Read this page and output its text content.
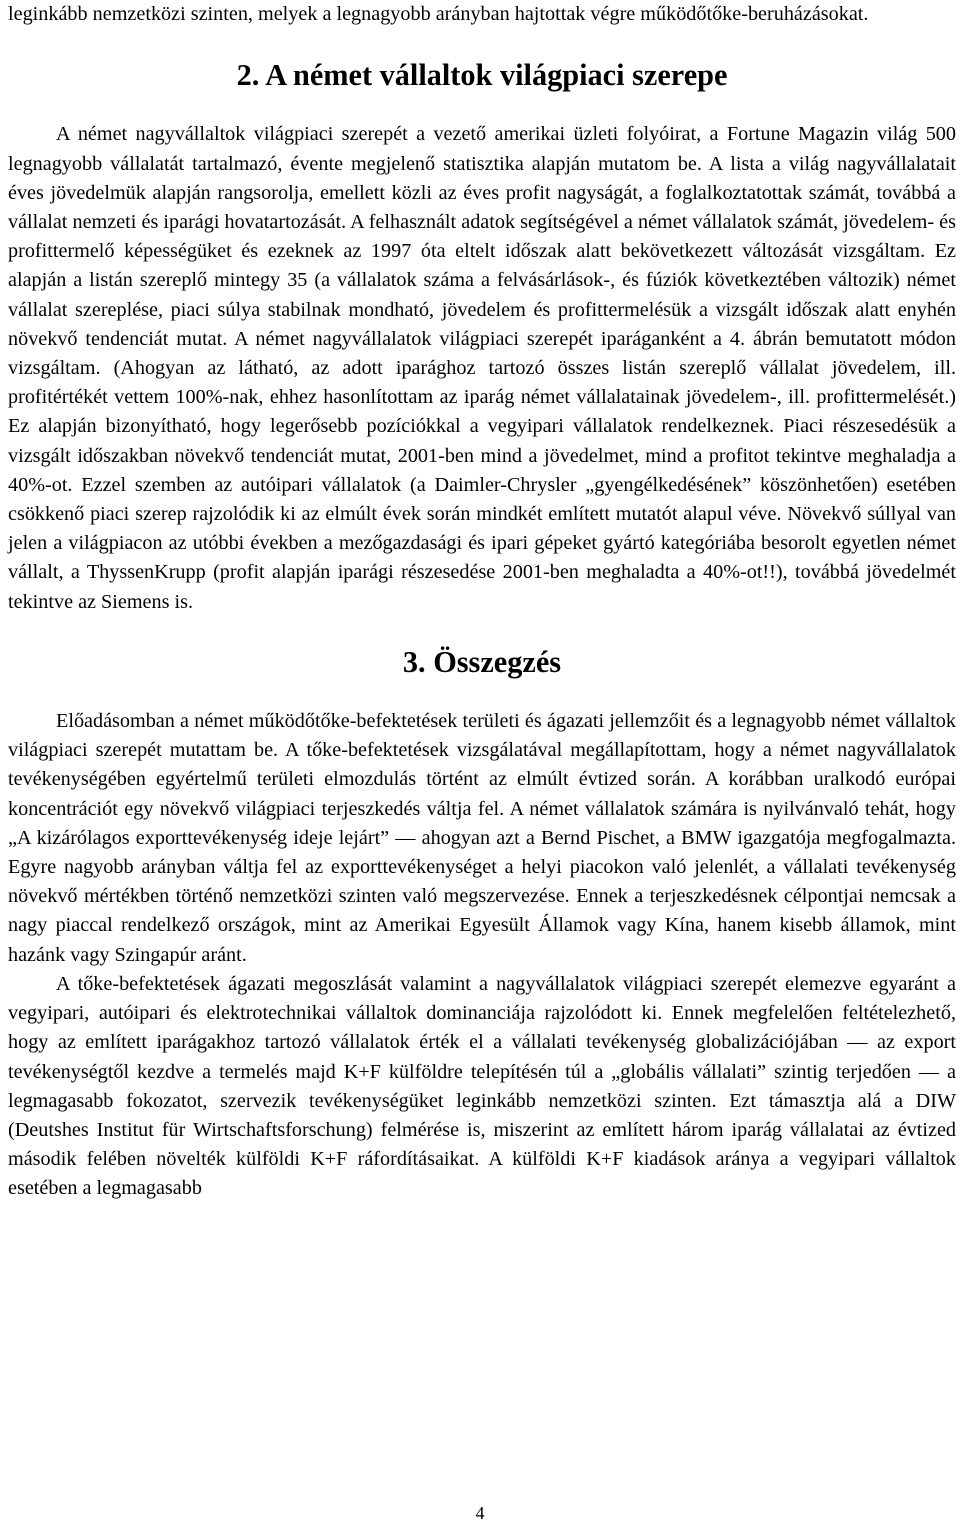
leginkább nemzetközi szinten, melyek a legnagyobb arányban hajtottak végre működőtőke-beruházásokat.

2. A német vállaltok világpiaci szerepe

A német nagyvállaltok világpiaci szerepét a vezető amerikai üzleti folyóirat, a Fortune Magazin világ 500 legnagyobb vállalatát tartalmazó, évente megjelenő statisztika alapján mutatom be. A lista a világ nagyvállalatait éves jövedelmük alapján rangsorolja, emellett közli az éves profit nagyságát, a foglalkoztatottak számát, továbbá a vállalat nemzeti és iparági hovatartozását. A felhasznált adatok segítségével a német vállalatok számát, jövedelem- és profittermelő képességüket és ezeknek az 1997 óta eltelt időszak alatt bekövetkezett változását vizsgáltam. Ez alapján a listán szereplő mintegy 35 (a vállalatok száma a felvásárlások-, és fúziók következtében változik) német vállalat szereplése, piaci súlya stabilnak mondható, jövedelem és profittermelésük a vizsgált időszak alatt enyhén növekvő tendenciát mutat. A német nagyvállalatok világpiaci szerepét iparáganként a 4. ábrán bemutatott módon vizsgáltam. (Ahogyan az látható, az adott iparághoz tartozó összes listán szereplő vállalat jövedelem, ill. profitértékét vettem 100%-nak, ehhez hasonlítottam az iparág német vállalatainak jövedelem-, ill. profittermelését.) Ez alapján bizonyítható, hogy legerősebb pozíciókkal a vegyipari vállalatok rendelkeznek. Piaci részesedésük a vizsgált időszakban növekvő tendenciát mutat, 2001-ben mind a jövedelmet, mind a profitot tekintve meghaladja a 40%-ot. Ezzel szemben az autóipari vállalatok (a Daimler-Chrysler „gyengélkedésének” köszönhetően) esetében csökkenő piaci szerep rajzolódik ki az elmúlt évek során mindkét említett mutatót alapul véve. Növekvő súllyal van jelen a világpiacon az utóbbi években a mezőgazdasági és ipari gépeket gyártó kategóriába besorolt egyetlen német vállalt, a ThyssenKrupp (profit alapján iparági részesedése 2001-ben meghaladta a 40%-ot!!), továbbá jövedelmét tekintve az Siemens is.

3. Összegzés

Előadásomban a német működőtőke-befektetések területi és ágazati jellemzőit és a legnagyobb német vállaltok világpiaci szerepét mutattam be. A tőke-befektetések vizsgálatával megállapítottam, hogy a német nagyvállalatok tevékenységében egyértelmű területi elmozdulás történt az elmúlt évtized során. A korábban uralkodó európai koncentrációt egy növekvő világpiaci terjeszkedés váltja fel. A német vállalatok számára is nyilvánvaló tehát, hogy „A kizárólagos exporttevékenység ideje lejárt” — ahogyan azt a Bernd Pischet, a BMW igazgatója megfogalmazta. Egyre nagyobb arányban váltja fel az exporttevékenységet a helyi piacokon való jelenlét, a vállalati tevékenység növekvő mértékben történő nemzetközi szinten való megszervezése. Ennek a terjeszkedésnek célpontjai nemcsak a nagy piaccal rendelkező országok, mint az Amerikai Egyesült Államok vagy Kína, hanem kisebb államok, mint hazánk vagy Szingapúr aránt.

A tőke-befektetések ágazati megoszlását valamint a nagyvállalatok világpiaci szerepét elemezve egyaránt a vegyipari, autóipari és elektrotechnikai vállaltok dominanciája rajzolódott ki. Ennek megfelelően feltételezhető, hogy az említett iparágakhoz tartozó vállalatok érték el a vállalati tevékenység globalizációjában — az export tevékenységtől kezdve a termelés majd K+F külföldre telepítésén túl a „globális vállalati” szintig terjedően — a legmagasabb fokozatot, szervezik tevékenységüket leginkább nemzetközi szinten. Ezt támasztja alá a DIW (Deutshes Institut für Wirtschaftsforschung) felmérése is, miszerint az említett három iparág vállalatai az évtized második felében növelték külföldi K+F ráfordításaikat. A külföldi K+F kiadások aránya a vegyipari vállaltok esetében a legmagasabb

4
